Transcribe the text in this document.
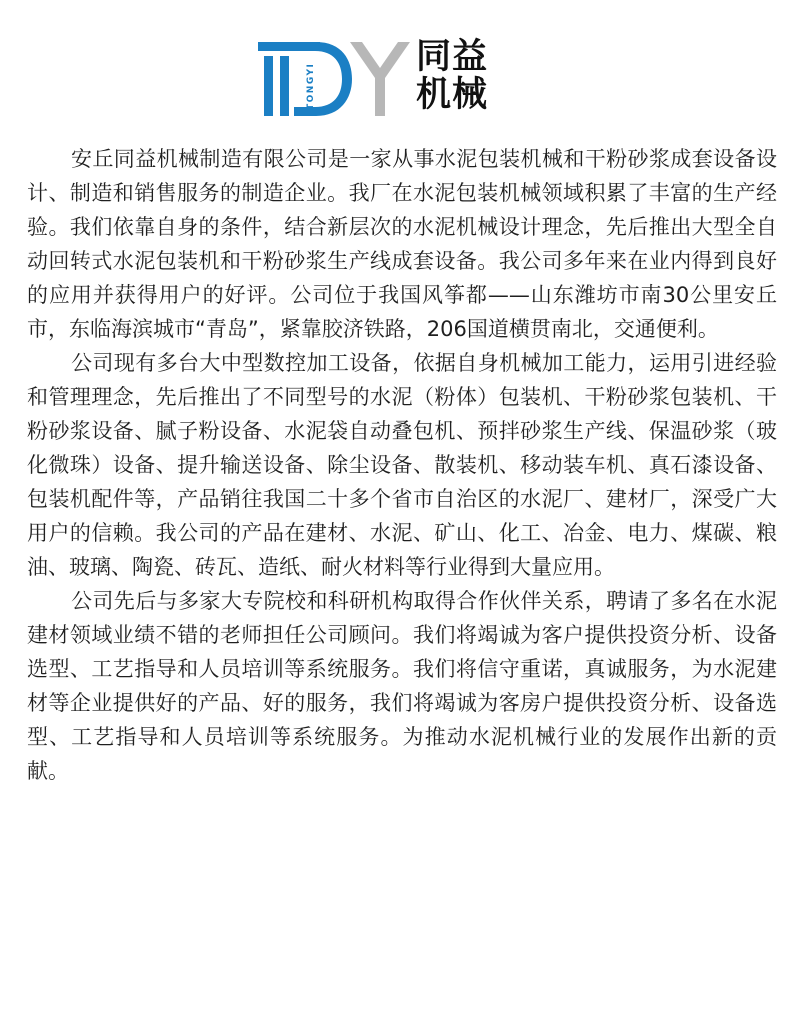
TONGYI
同益
机械

安丘同益机械制造有限公司是一家从事水泥包装机械和干粉砂浆成套设备设计、制造和销售服务的制造企业。我厂在水泥包装机械领域积累了丰富的生产经验。我们依靠自身的条件，结合新层次的水泥机械设计理念，先后推出大型全自动回转式水泥包装机和干粉砂浆生产线成套设备。我公司多年来在业内得到良好的应用并获得用户的好评。公司位于我国风筝都——山东潍坊市南30公里安丘市，东临海滨城市“青岛”，紧靠胶济铁路，206国道横贯南北，交通便利。

公司现有多台大中型数控加工设备，依据自身机械加工能力，运用引进经验和管理理念，先后推出了不同型号的水泥（粉体）包装机、干粉砂浆包装机、干粉砂浆设备、腻子粉设备、水泥袋自动叠包机、预拌砂浆生产线、保温砂浆（玻化微珠）设备、提升输送设备、除尘设备、散装机、移动装车机、真石漆设备、包装机配件等，产品销往我国二十多个省市自治区的水泥厂、建材厂，深受广大用户的信赖。我公司的产品在建材、水泥、矿山、化工、冶金、电力、煤碳、粮油、玻璃、陶瓷、砖瓦、造纸、耐火材料等行业得到大量应用。

公司先后与多家大专院校和科研机构取得合作伙伴关系，聘请了多名在水泥建材领域业绩不错的老师担任公司顾问。我们将竭诚为客户提供投资分析、设备选型、工艺指导和人员培训等系统服务。我们将信守重诺，真诚服务，为水泥建材等企业提供好的产品、好的服务，我们将竭诚为客房户提供投资分析、设备选型、工艺指导和人员培训等系统服务。为推动水泥机械行业的发展作出新的贡献。
